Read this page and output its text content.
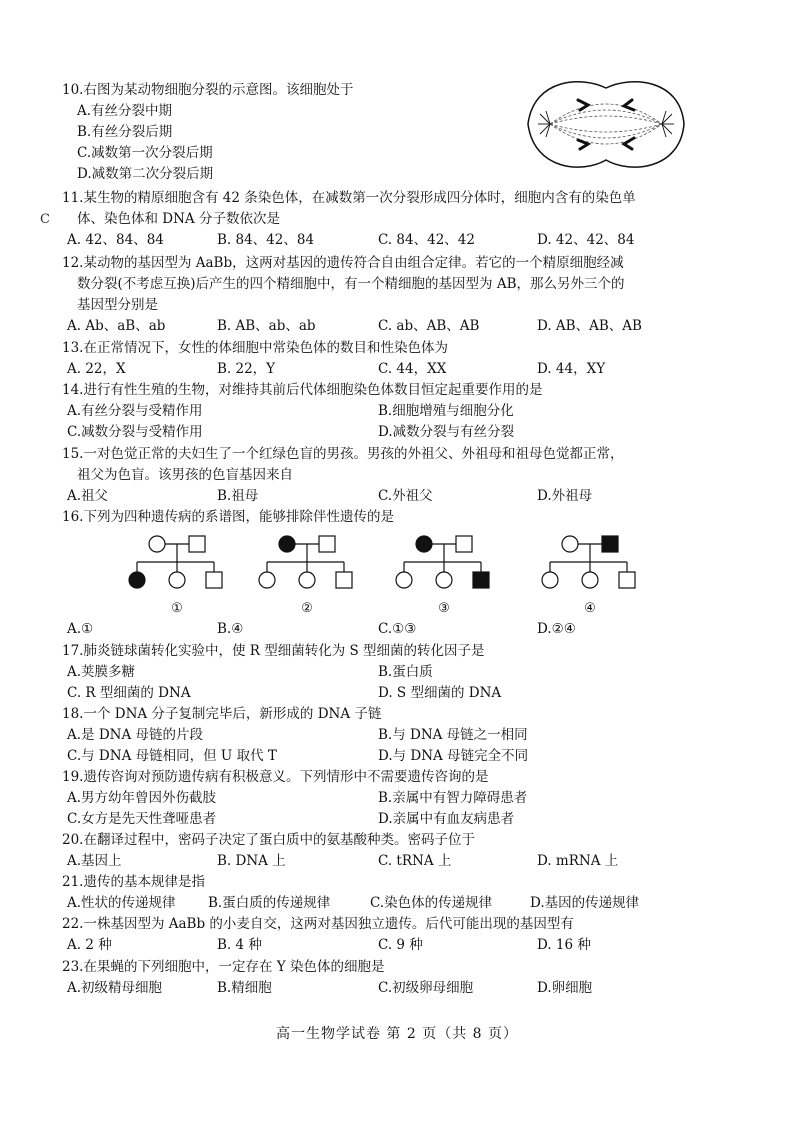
C
10.右图为某动物细胞分裂的示意图。该细胞处于
A.有丝分裂中期
B.有丝分裂后期
C.减数第一次分裂后期
D.减数第二次分裂后期
11.某生物的精原细胞含有 42 条染色体，在减数第一次分裂形成四分体时，细胞内含有的染色单
体、染色体和 DNA 分子数依次是
A. 42、84、84	B. 84、42、84	C. 84、42、42	D. 42、42、84
12.某动物的基因型为 AaBb，这两对基因的遗传符合自由组合定律。若它的一个精原细胞经减
数分裂(不考虑互换)后产生的四个精细胞中，有一个精细胞的基因型为 AB，那么另外三个的
基因型分别是
A. Ab、aB、ab	B. AB、ab、ab	C. ab、AB、AB	D. AB、AB、AB
13.在正常情况下，女性的体细胞中常染色体的数目和性染色体为
A. 22，X	B. 22，Y	C. 44，XX	D. 44，XY
14.进行有性生殖的生物，对维持其前后代体细胞染色体数目恒定起重要作用的是
A.有丝分裂与受精作用	B.细胞增殖与细胞分化
C.减数分裂与受精作用	D.减数分裂与有丝分裂
15.一对色觉正常的夫妇生了一个红绿色盲的男孩。男孩的外祖父、外祖母和祖母色觉都正常，
祖父为色盲。该男孩的色盲基因来自
A.祖父	B.祖母	C.外祖父	D.外祖母
16.下列为四种遗传病的系谱图，能够排除伴性遗传的是
①	②	③	④
A.①	B.④	C.①③	D.②④
17.肺炎链球菌转化实验中，使 R 型细菌转化为 S 型细菌的转化因子是
A.荚膜多糖	B.蛋白质
C. R 型细菌的 DNA	D. S 型细菌的 DNA
18.一个 DNA 分子复制完毕后，新形成的 DNA 子链
A.是 DNA 母链的片段	B.与 DNA 母链之一相同
C.与 DNA 母链相同，但 U 取代 T	D.与 DNA 母链完全不同
19.遗传咨询对预防遗传病有积极意义。下列情形中不需要遗传咨询的是
A.男方幼年曾因外伤截肢	B.亲属中有智力障碍患者
C.女方是先天性聋哑患者	D.亲属中有血友病患者
20.在翻译过程中，密码子决定了蛋白质中的氨基酸种类。密码子位于
A.基因上	B. DNA 上	C. tRNA 上	D. mRNA 上
21.遗传的基本规律是指
A.性状的传递规律 B.蛋白质的传递规律	C.染色体的传递规律	D.基因的传递规律
22.一株基因型为 AaBb 的小麦自交，这两对基因独立遗传。后代可能出现的基因型有
A. 2 种	B. 4 种	C. 9 种	D. 16 种
23.在果蝇的下列细胞中，一定存在 Y 染色体的细胞是
A.初级精母细胞	B.精细胞	C.初级卵母细胞	D.卵细胞
高一生物学试卷 第 2 页（共 8 页）
